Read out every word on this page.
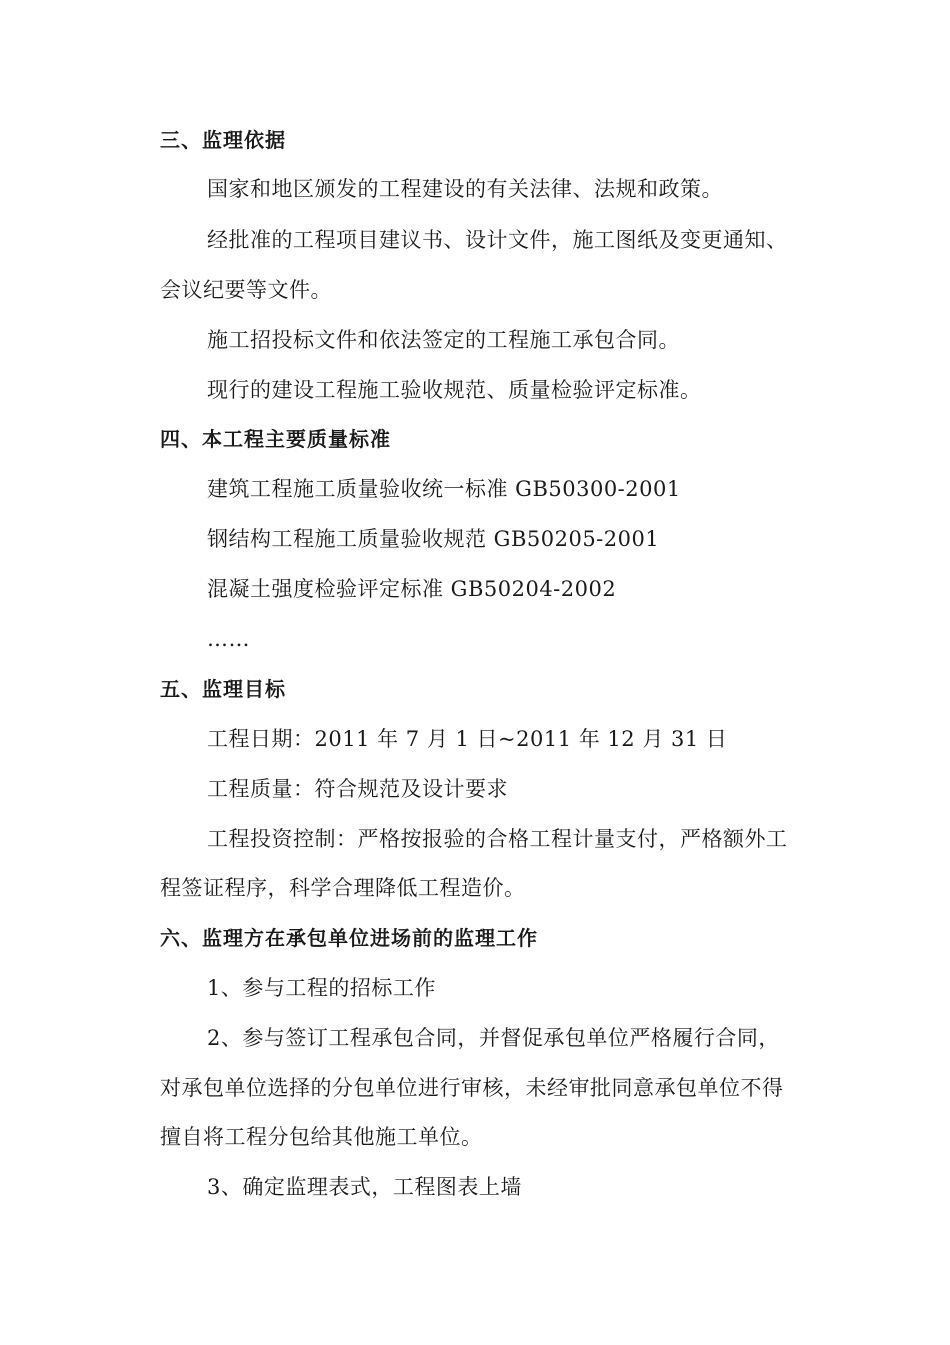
三、监理依据
国家和地区颁发的工程建设的有关法律、法规和政策。
经批准的工程项目建议书、设计文件，施工图纸及变更通知、
会议纪要等文件。
施工招投标文件和依法签定的工程施工承包合同。
现行的建设工程施工验收规范、质量检验评定标准。
四、本工程主要质量标准
建筑工程施工质量验收统一标准 GB50300-2001
钢结构工程施工质量验收规范 GB50205-2001
混凝土强度检验评定标准 GB50204-2002
……
五、监理目标
工程日期：2011 年 7 月 1 日~2011 年 12 月 31 日
工程质量：符合规范及设计要求
工程投资控制：严格按报验的合格工程计量支付，严格额外工
程签证程序，科学合理降低工程造价。
六、监理方在承包单位进场前的监理工作
1、参与工程的招标工作
2、参与签订工程承包合同，并督促承包单位严格履行合同，
对承包单位选择的分包单位进行审核，未经审批同意承包单位不得
擅自将工程分包给其他施工单位。
3、确定监理表式，工程图表上墙
